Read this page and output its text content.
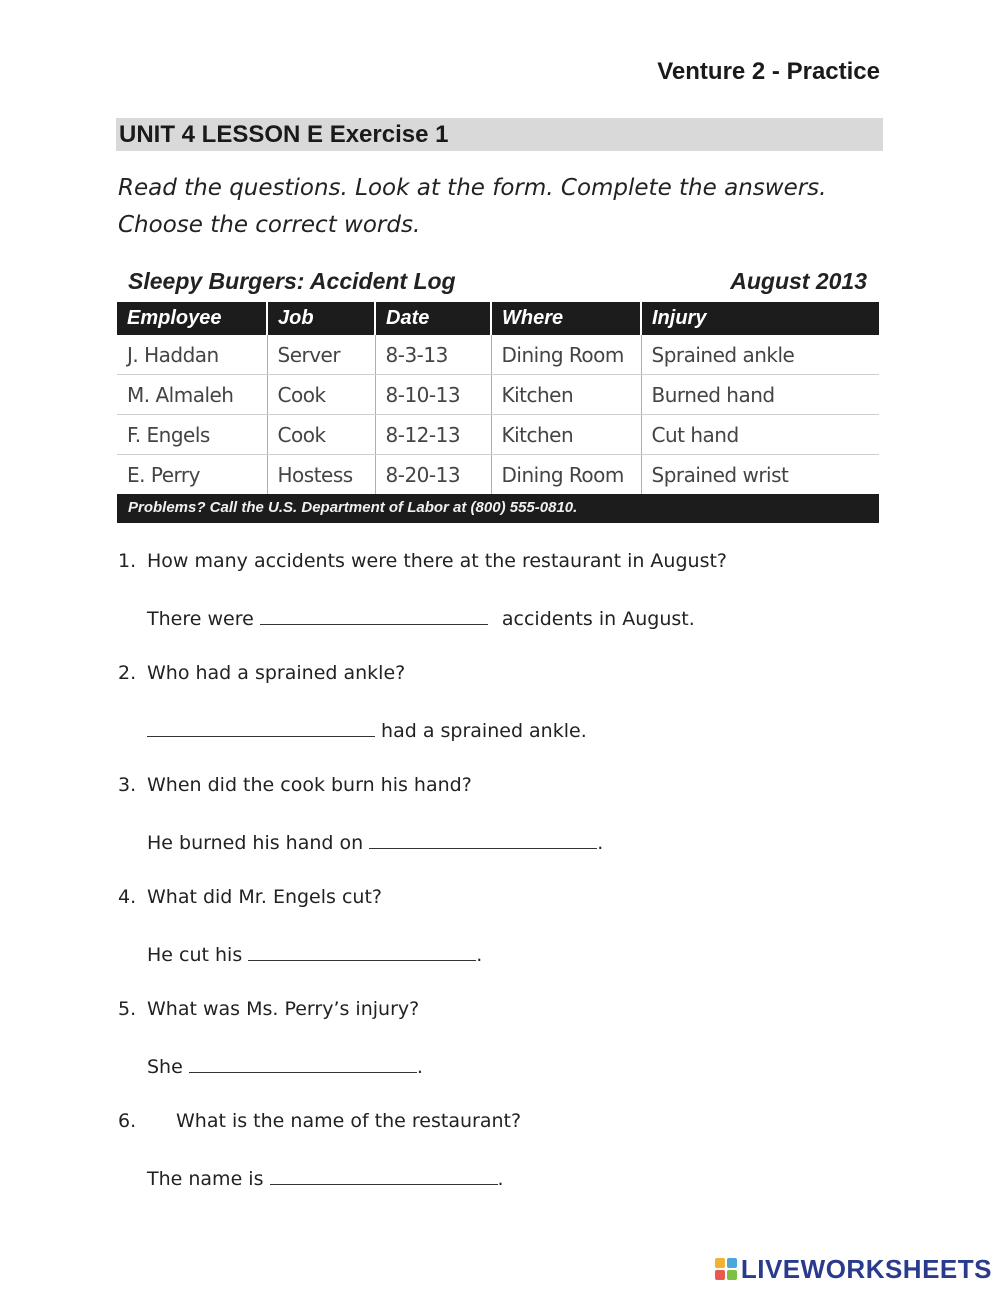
Venture 2 - Practice
UNIT 4 LESSON E Exercise 1
Read the questions. Look at the form. Complete the answers.
Choose the correct words.
Sleepy Burgers: Accident Log	August 2013
Employee	Job	Date	Where	Injury
J. Haddan	Server	8-3-13	Dining Room	Sprained ankle
M. Almaleh	Cook	8-10-13	Kitchen	Burned hand
F. Engels	Cook	8-12-13	Kitchen	Cut hand
E. Perry	Hostess	8-20-13	Dining Room	Sprained wrist
Problems? Call the U.S. Department of Labor at (800) 555-0810.
1. How many accidents were there at the restaurant in August?
There were	accidents in August.
2. Who had a sprained ankle?
had a sprained ankle.
3. When did the cook burn his hand?
He burned his hand on	.
4. What did Mr. Engels cut?
He cut his	.
5. What was Ms. Perry’s injury?
She	.
6. What is the name of the restaurant?
The name is	.
LIVEWORKSHEETS
